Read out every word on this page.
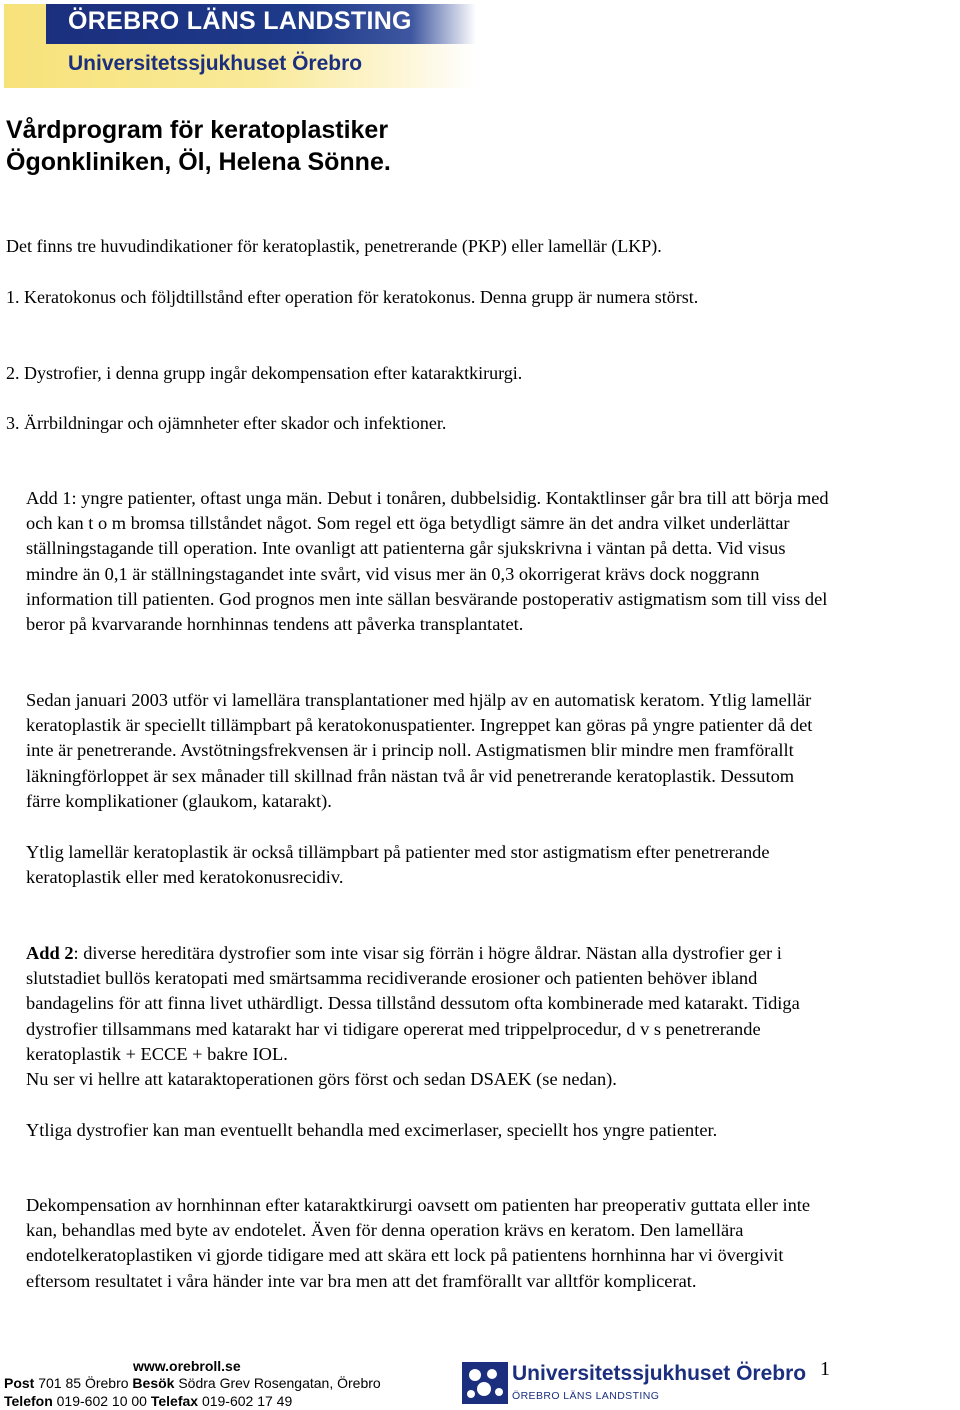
ÖREBRO LÄNS LANDSTING
Universitetssjukhuset Örebro
Vårdprogram för keratoplastiker
Ögonkliniken, Öl, Helena Sönne.

Det finns tre huvudindikationer för keratoplastik, penetrerande (PKP) eller lamellär (LKP).

1. Keratokonus och följdtillstånd efter operation för keratokonus. Denna grupp är numera störst.

2. Dystrofier, i denna grupp ingår dekompensation efter kataraktkirurgi.

3. Ärrbildningar och ojämnheter efter skador och infektioner.

Add 1: yngre patienter, oftast unga män. Debut i tonåren, dubbelsidig. Kontaktlinser går bra till att börja med och kan t o m bromsa tillståndet något. Som regel ett öga betydligt sämre än det andra vilket underlättar ställningstagande till operation. Inte ovanligt att patienterna går sjukskrivna i väntan på detta. Vid visus mindre än 0,1 är ställningstagandet inte svårt, vid visus mer än 0,3 okorrigerat krävs dock noggrann information till patienten. God prognos men inte sällan besvärande postoperativ astigmatism som till viss del beror på kvarvarande hornhinnas tendens att påverka transplantatet.

Sedan januari 2003 utför vi lamellära transplantationer med hjälp av en automatisk keratom. Ytlig lamellär keratoplastik är speciellt tillämpbart på keratokonuspatienter. Ingreppet kan göras på yngre patienter då det inte är penetrerande. Avstötningsfrekvensen är i princip noll. Astigmatismen blir mindre men framförallt läkningförloppet är sex månader till skillnad från nästan två år vid penetrerande keratoplastik. Dessutom färre komplikationer (glaukom, katarakt).

Ytlig lamellär keratoplastik är också tillämpbart på patienter med stor astigmatism efter penetrerande keratoplastik eller med keratokonusrecidiv.

Add 2: diverse hereditära dystrofier som inte visar sig förrän i högre åldrar. Nästan alla dystrofier ger i slutstadiet bullös keratopati med smärtsamma recidiverande erosioner och patienten behöver ibland bandagelins för att finna livet uthärdligt. Dessa tillstånd dessutom ofta kombinerade med katarakt. Tidiga dystrofier tillsammans med katarakt har vi tidigare opererat med trippelprocedur, d v s penetrerande keratoplastik + ECCE + bakre IOL.
Nu ser vi hellre att kataraktoperationen görs först och sedan DSAEK (se nedan).

Ytliga dystrofier kan man eventuellt behandla med excimerlaser, speciellt hos yngre patienter.

Dekompensation av hornhinnan efter kataraktkirurgi oavsett om patienten har preoperativ guttata eller inte kan, behandlas med byte av endotelet. Även för denna operation krävs en keratom. Den lamellära endotelkeratoplastiken vi gjorde tidigare med att skära ett lock på patientens hornhinna har vi övergivit eftersom resultatet i våra händer inte var bra men att det framförallt var alltför komplicerat.

www.orebroll.se
Post 701 85 Örebro Besök Södra Grev Rosengatan, Örebro
Telefon 019-602 10 00 Telefax 019-602 17 49
Universitetssjukhuset Örebro
ÖREBRO LÄNS LANDSTING
1
